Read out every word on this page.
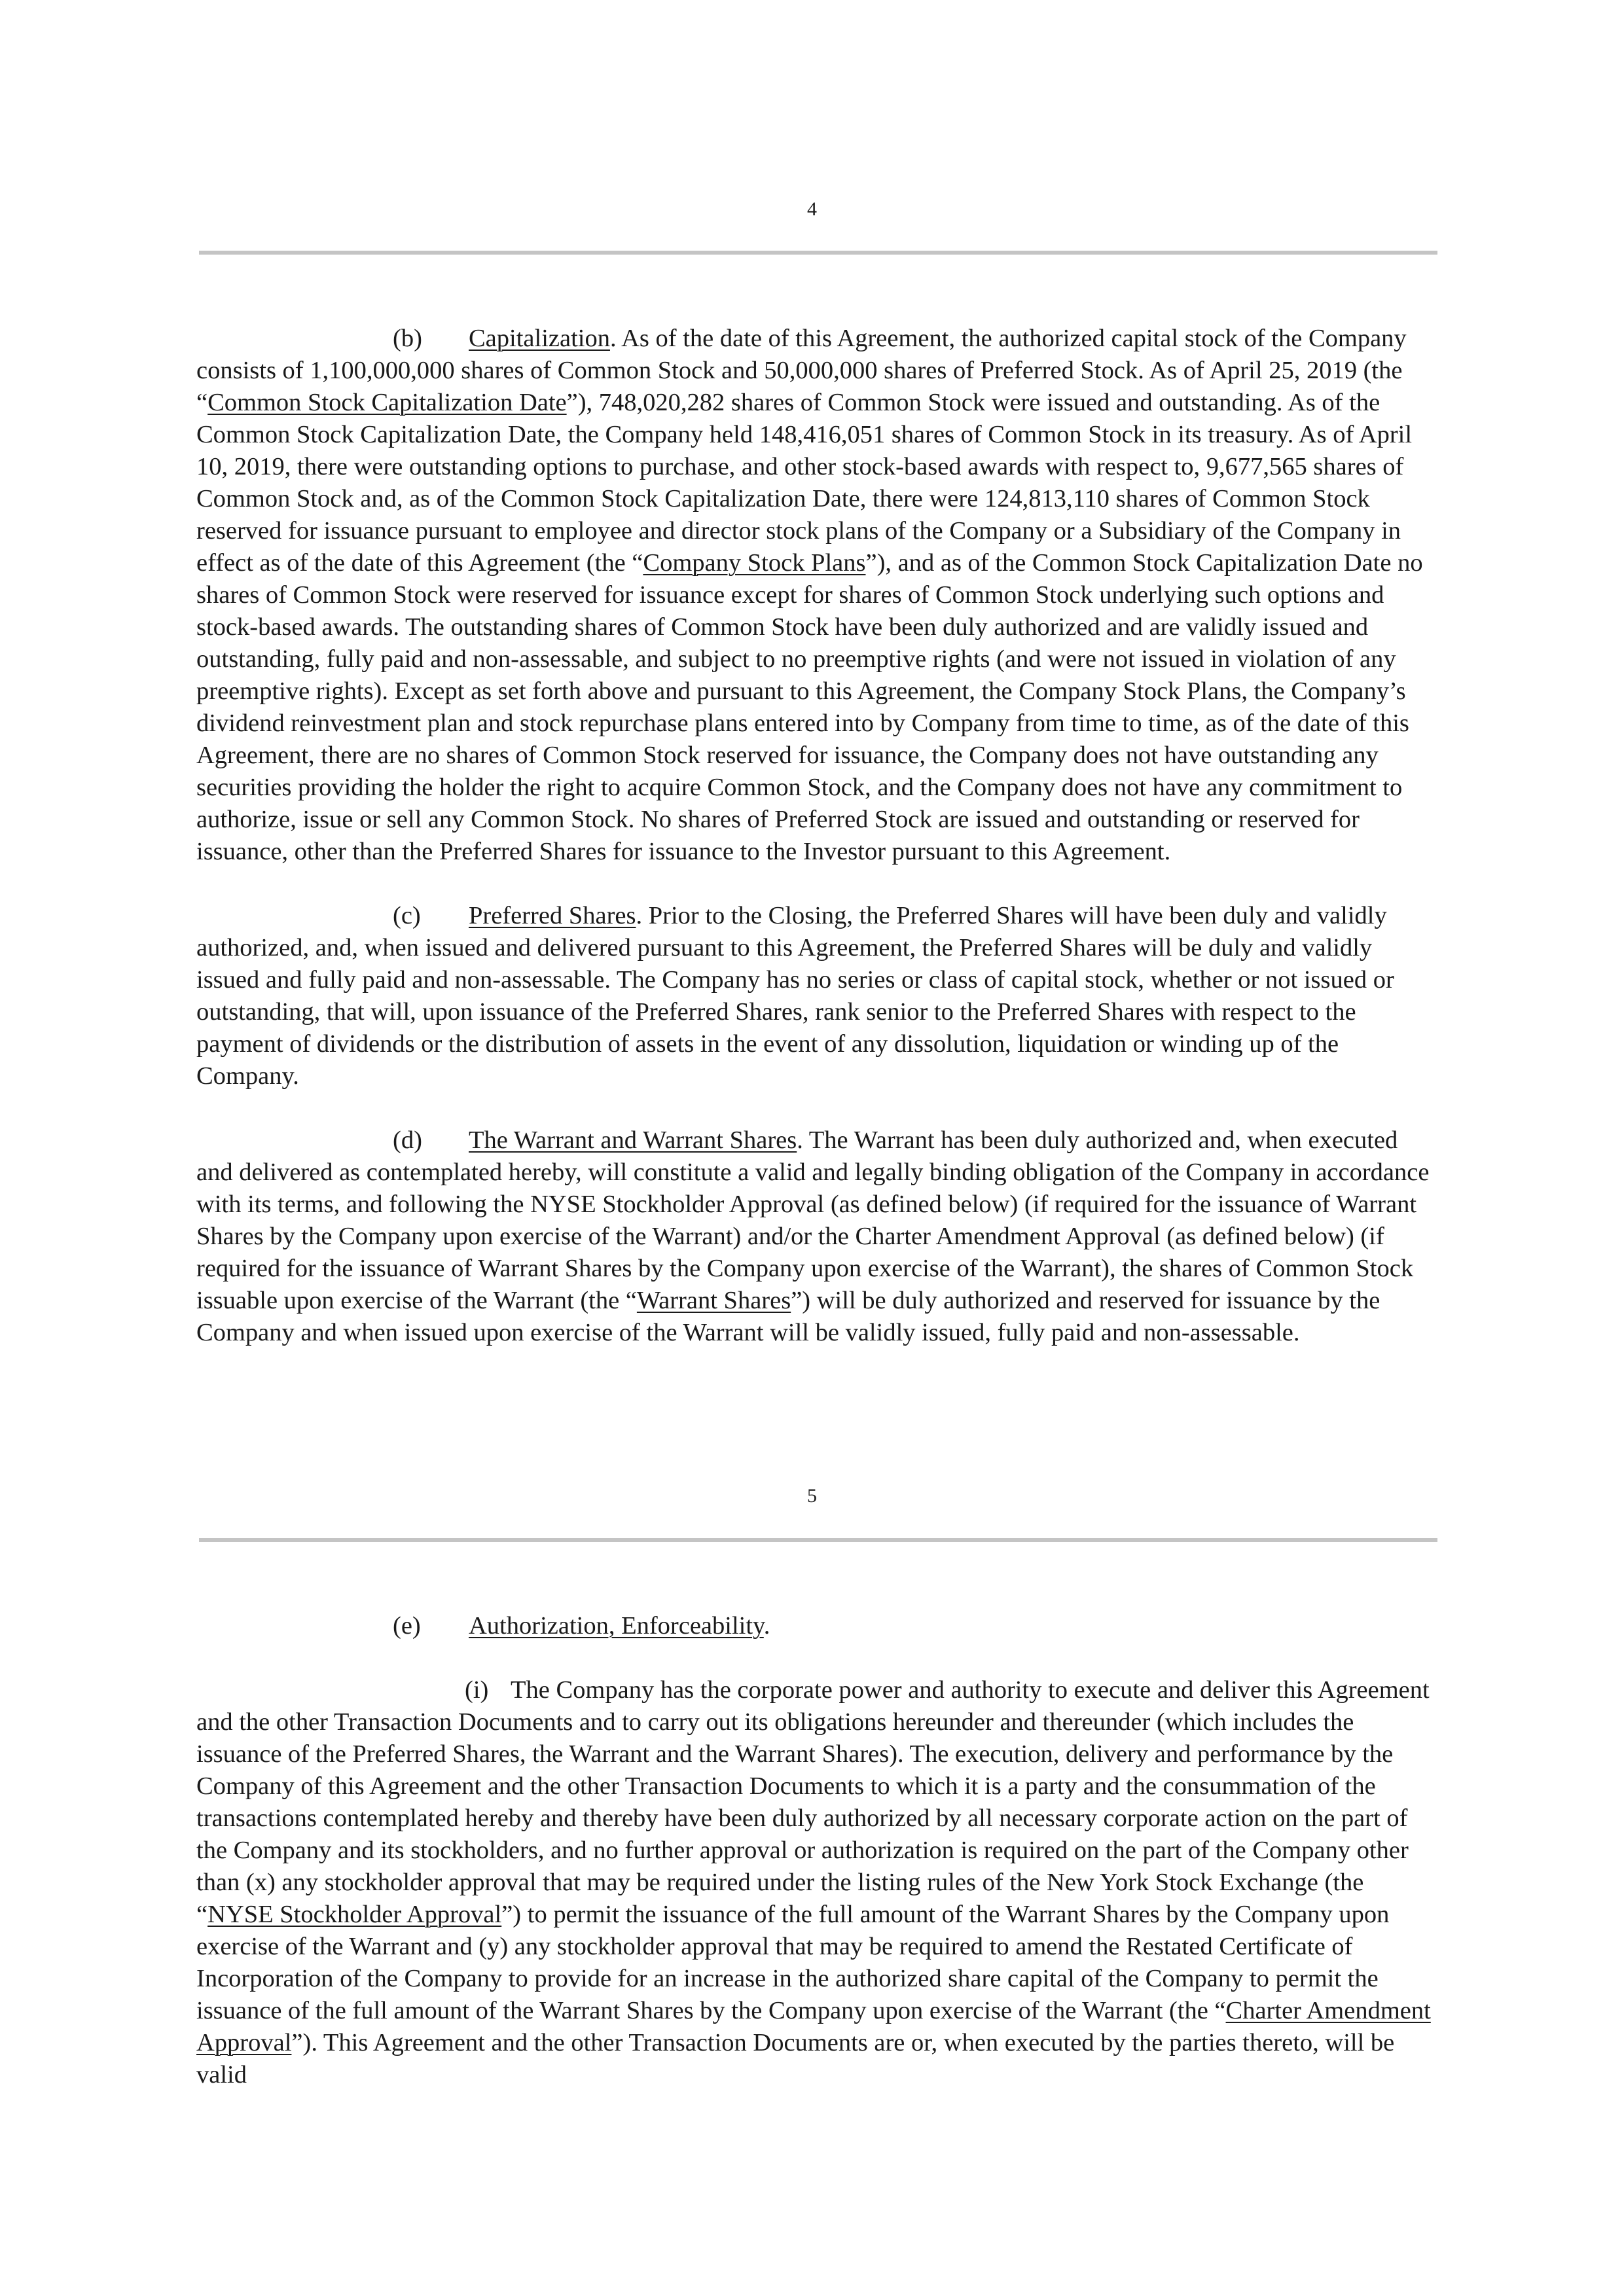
4

(b) Capitalization. As of the date of this Agreement, the authorized capital stock of the Company consists of 1,100,000,000 shares of Common Stock and 50,000,000 shares of Preferred Stock. As of April 25, 2019 (the “Common Stock Capitalization Date”), 748,020,282 shares of Common Stock were issued and outstanding. As of the Common Stock Capitalization Date, the Company held 148,416,051 shares of Common Stock in its treasury. As of April 10, 2019, there were outstanding options to purchase, and other stock-based awards with respect to, 9,677,565 shares of Common Stock and, as of the Common Stock Capitalization Date, there were 124,813,110 shares of Common Stock reserved for issuance pursuant to employee and director stock plans of the Company or a Subsidiary of the Company in effect as of the date of this Agreement (the “Company Stock Plans”), and as of the Common Stock Capitalization Date no shares of Common Stock were reserved for issuance except for shares of Common Stock underlying such options and stock-based awards. The outstanding shares of Common Stock have been duly authorized and are validly issued and outstanding, fully paid and non-assessable, and subject to no preemptive rights (and were not issued in violation of any preemptive rights). Except as set forth above and pursuant to this Agreement, the Company Stock Plans, the Company’s dividend reinvestment plan and stock repurchase plans entered into by Company from time to time, as of the date of this Agreement, there are no shares of Common Stock reserved for issuance, the Company does not have outstanding any securities providing the holder the right to acquire Common Stock, and the Company does not have any commitment to authorize, issue or sell any Common Stock. No shares of Preferred Stock are issued and outstanding or reserved for issuance, other than the Preferred Shares for issuance to the Investor pursuant to this Agreement.

(c) Preferred Shares. Prior to the Closing, the Preferred Shares will have been duly and validly authorized, and, when issued and delivered pursuant to this Agreement, the Preferred Shares will be duly and validly issued and fully paid and non-assessable. The Company has no series or class of capital stock, whether or not issued or outstanding, that will, upon issuance of the Preferred Shares, rank senior to the Preferred Shares with respect to the payment of dividends or the distribution of assets in the event of any dissolution, liquidation or winding up of the Company.

(d) The Warrant and Warrant Shares. The Warrant has been duly authorized and, when executed and delivered as contemplated hereby, will constitute a valid and legally binding obligation of the Company in accordance with its terms, and following the NYSE Stockholder Approval (as defined below) (if required for the issuance of Warrant Shares by the Company upon exercise of the Warrant) and/or the Charter Amendment Approval (as defined below) (if required for the issuance of Warrant Shares by the Company upon exercise of the Warrant), the shares of Common Stock issuable upon exercise of the Warrant (the “Warrant Shares”) will be duly authorized and reserved for issuance by the Company and when issued upon exercise of the Warrant will be validly issued, fully paid and non-assessable.

5

(e) Authorization, Enforceability.

(i) The Company has the corporate power and authority to execute and deliver this Agreement and the other Transaction Documents and to carry out its obligations hereunder and thereunder (which includes the issuance of the Preferred Shares, the Warrant and the Warrant Shares). The execution, delivery and performance by the Company of this Agreement and the other Transaction Documents to which it is a party and the consummation of the transactions contemplated hereby and thereby have been duly authorized by all necessary corporate action on the part of the Company and its stockholders, and no further approval or authorization is required on the part of the Company other than (x) any stockholder approval that may be required under the listing rules of the New York Stock Exchange (the “NYSE Stockholder Approval”) to permit the issuance of the full amount of the Warrant Shares by the Company upon exercise of the Warrant and (y) any stockholder approval that may be required to amend the Restated Certificate of Incorporation of the Company to provide for an increase in the authorized share capital of the Company to permit the issuance of the full amount of the Warrant Shares by the Company upon exercise of the Warrant (the “Charter Amendment Approval”). This Agreement and the other Transaction Documents are or, when executed by the parties thereto, will be valid
